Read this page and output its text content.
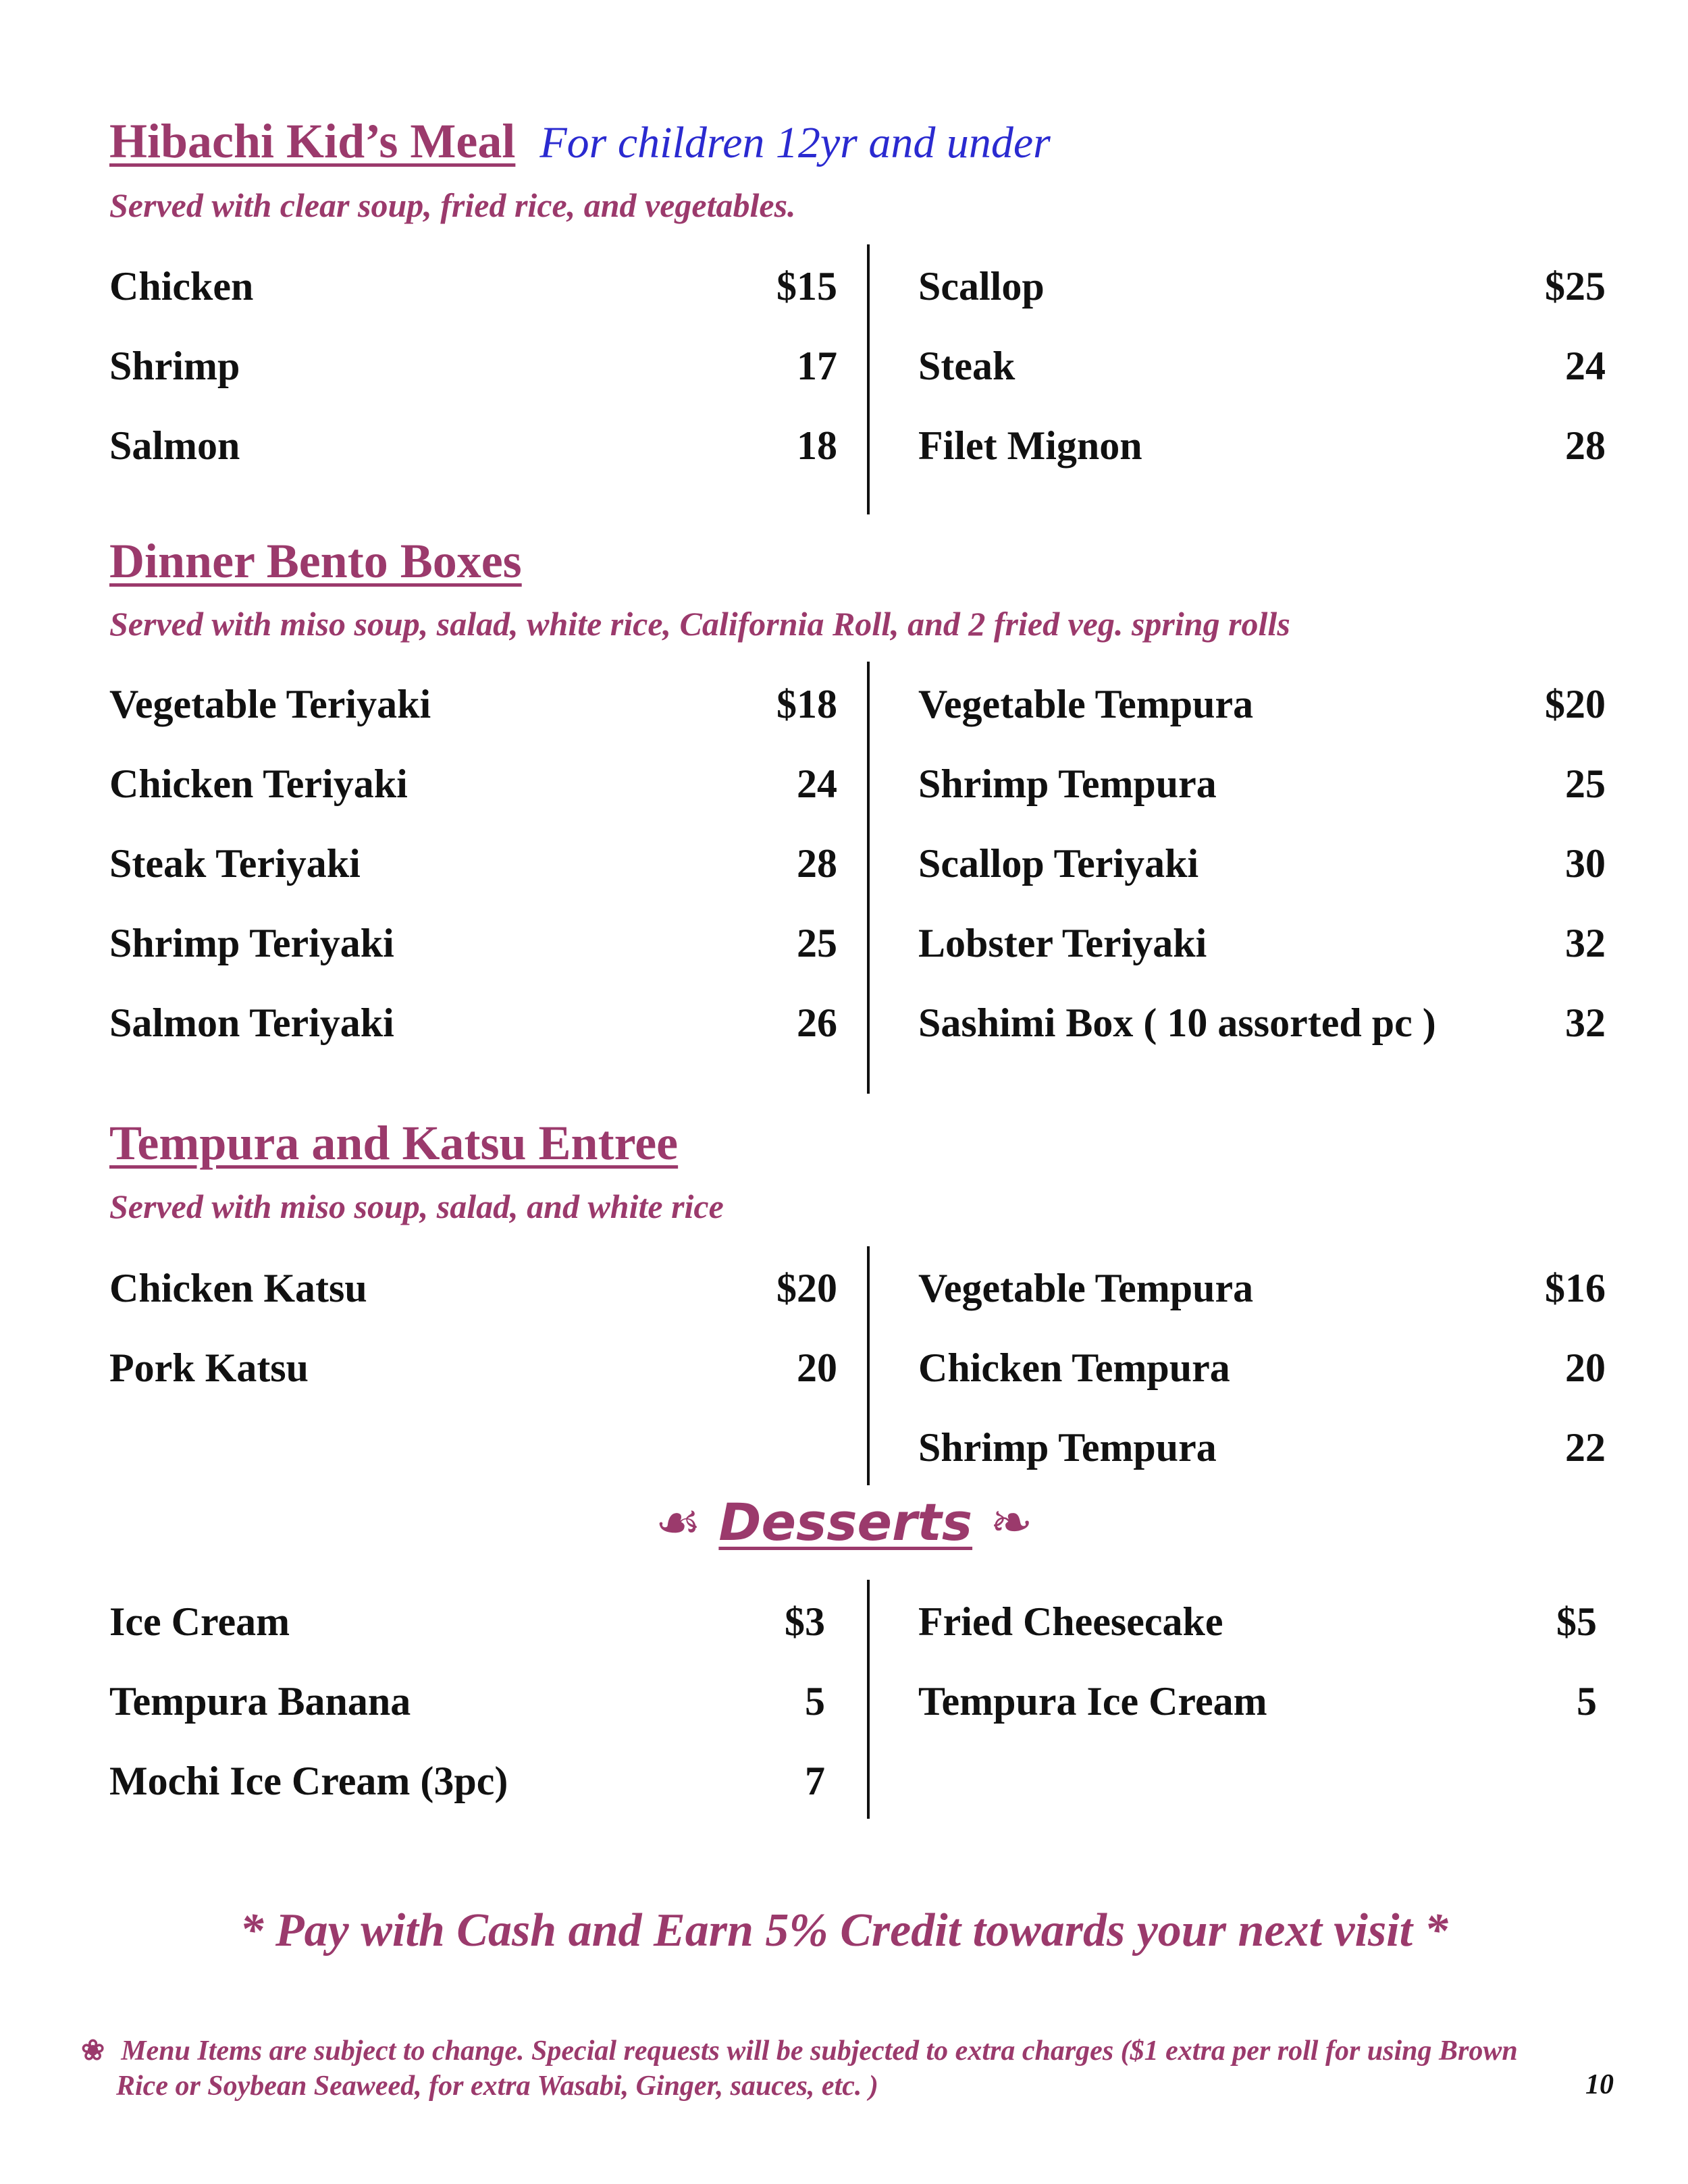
Hibachi Kid’s Meal For children 12yr and under
Served with clear soup, fried rice, and vegetables.
Chicken	$15
Shrimp	17
Salmon	18
Scallop	$25
Steak	24
Filet Mignon	28
Dinner Bento Boxes
Served with miso soup, salad, white rice, California Roll, and 2 fried veg. spring rolls
Vegetable Teriyaki	$18
Chicken Teriyaki	24
Steak Teriyaki	28
Shrimp Teriyaki	25
Salmon Teriyaki	26
Vegetable Tempura	$20
Shrimp Tempura	25
Scallop Teriyaki	30
Lobster Teriyaki	32
Sashimi Box ( 10 assorted pc )	32
Tempura and Katsu Entree
Served with miso soup, salad, and white rice
Chicken Katsu	$20
Pork Katsu	20
Vegetable Tempura	$16
Chicken Tempura	20
Shrimp Tempura	22
☙ Desserts ❧
Ice Cream	$3
Tempura Banana	5
Mochi Ice Cream (3pc)	7
Fried Cheesecake	$5
Tempura Ice Cream	5
* Pay with Cash and Earn 5% Credit towards your next visit *
❀ Menu Items are subject to change. Special requests will be subjected to extra charges ($1 extra per roll for using Brown
Rice or Soybean Seaweed, for extra Wasabi, Ginger, sauces, etc. )	10
